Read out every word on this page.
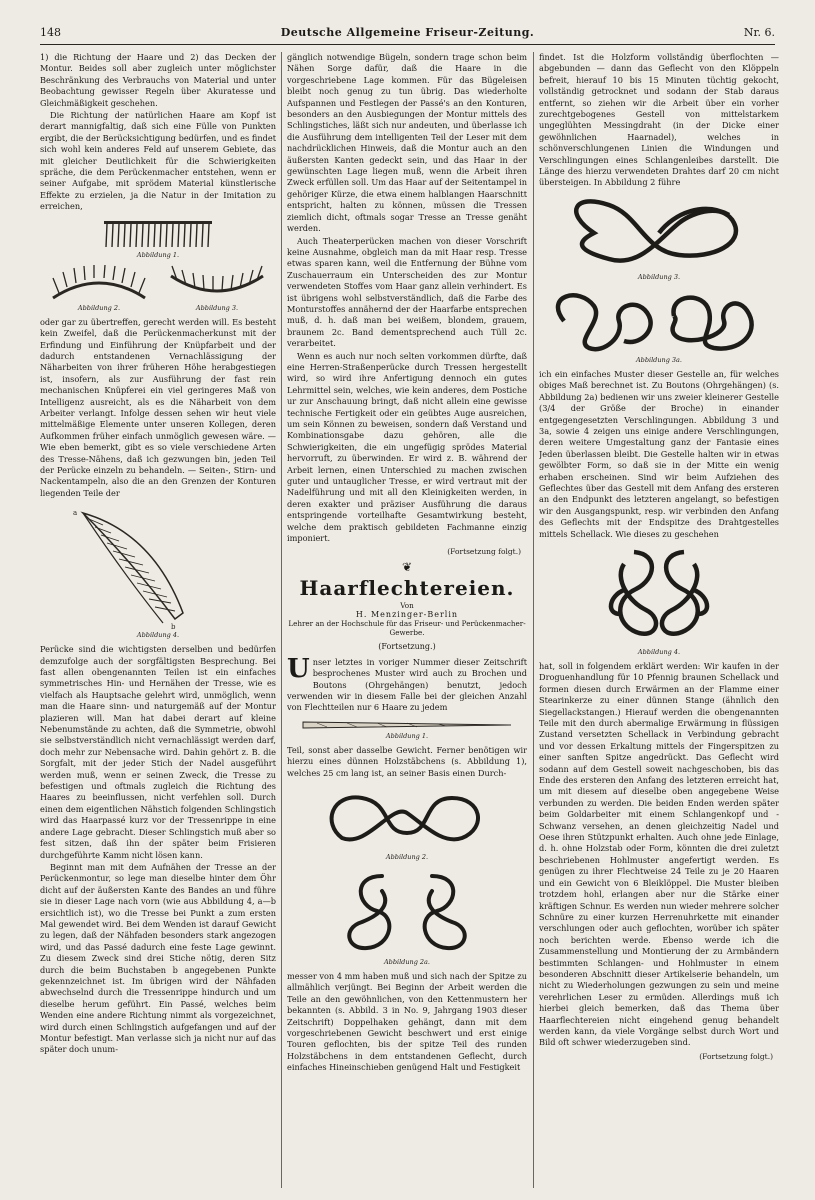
148	Deutsche Allgemeine Friseur-Zeitung.	Nr. 6.

1) die Richtung der Haare und 2) das Decken der Montur. Beides soll aber zugleich unter möglichster Beschränkung des Verbrauchs von Material und unter Beobachtung gewisser Regeln über Akuratesse und Gleichmäßigkeit geschehen.

Die Richtung der natürlichen Haare am Kopf ist derart mannigfaltig, daß sich eine Fülle von Punkten ergibt, die der Berücksichtigung bedürfen, und es findet sich wohl kein anderes Feld auf unserem Gebiete, das mit gleicher Deutlichkeit für die Schwierigkeiten spräche, die dem Perückenmacher entstehen, wenn er seiner Aufgabe, mit sprödem Material künstlerische Effekte zu erzielen, ja die Natur in der Imitation zu erreichen,

Abbildung 1.
Abbildung 2.	Abbildung 3.

oder gar zu übertreffen, gerecht werden will. Es besteht kein Zweifel, daß die Perückenmacherkunst mit der Erfindung und Einführung der Knüpfarbeit und der dadurch entstandenen Vernachlässigung der Näharbeiten von ihrer früheren Höhe herabgestiegen ist, insofern, als zur Ausführung der fast rein mechanischen Knüpferei ein viel geringeres Maß von Intelligenz ausreicht, als es die Näharbeit von dem Arbeiter verlangt. Infolge dessen sehen wir heut viele mittelmäßige Elemente unter unseren Kollegen, deren Aufkommen früher einfach unmöglich gewesen wäre. — Wie eben bemerkt, gibt es so viele verschiedene Arten des Tresse-Nähens, daß ich gezwungen bin, jeden Teil der Perücke einzeln zu behandeln. — Seiten-, Stirn- und Nackentampeln, also die an den Grenzen der Konturen liegenden Teile der

a
b
Abbildung 4.

Perücke sind die wichtigsten derselben und bedürfen demzufolge auch der sorgfältigsten Besprechung. Bei fast allen obengenannten Teilen ist ein einfaches symmetrisches Hin- und Hernähen der Tresse, wie es vielfach als Hauptsache gelehrt wird, unmöglich, wenn man die Haare sinn- und naturgemäß auf der Montur plazieren will. Man hat dabei derart auf kleine Nebenumstände zu achten, daß die Symmetrie, obwohl sie selbstverständlich nicht vernachlässigt werden darf, doch mehr zur Nebensache wird. Dahin gehört z. B. die Sorgfalt, mit der jeder Stich der Nadel ausgeführt werden muß, wenn er seinen Zweck, die Tresse zu befestigen und oftmals zugleich die Richtung des Haares zu beeinflussen, nicht verfehlen soll. Durch einen dem eigentlichen Nähstich folgenden Schlingstich wird das Haarpassé kurz vor der Tressenrippe in eine andere Lage gebracht. Dieser Schlingstich muß aber so fest sitzen, daß ihn der später beim Frisieren durchgeführte Kamm nicht lösen kann.

Beginnt man mit dem Aufnähen der Tresse an der Perückenmontur, so lege man dieselbe hinter dem Öhr dicht auf der äußersten Kante des Bandes an und führe sie in dieser Lage nach vorn (wie aus Abbildung 4, a—b ersichtlich ist), wo die Tresse bei Punkt a zum ersten Mal gewendet wird. Bei dem Wenden ist darauf Gewicht zu legen, daß der Nähfaden besonders stark angezogen wird, und das Passé dadurch eine feste Lage gewinnt. Zu diesem Zweck sind drei Stiche nötig, deren Sitz durch die beim Buchstaben b angegebenen Punkte gekennzeichnet ist. Im übrigen wird der Nähfaden abwechselnd durch die Tressenrippe hindurch und um dieselbe herum geführt. Ein Passé, welches beim Wenden eine andere Richtung nimmt als vorgezeichnet, wird durch einen Schlingstich aufgefangen und auf der Montur befestigt. Man verlasse sich ja nicht nur auf das später doch unum-

gänglich notwendige Bügeln, sondern trage schon beim Nähen Sorge dafür, daß die Haare in die vorgeschriebene Lage kommen. Für das Bügeleisen bleibt noch genug zu tun übrig. Das wiederholte Aufspannen und Festlegen der Passé's an den Konturen, besonders an den Ausbiegungen der Montur mittels des Schlingstiches, läßt sich nur andeuten, und überlasse ich die Ausführung dem intelligenten Teil der Leser mit dem nachdrücklichen Hinweis, daß die Montur auch an den äußersten Kanten gedeckt sein, und das Haar in der gewünschten Lage liegen muß, wenn die Arbeit ihren Zweck erfüllen soll. Um das Haar auf der Seitentampel in gehöriger Kürze, die etwa einem halblangen Haarschnitt entspricht, halten zu können, müssen die Tressen ziemlich dicht, oftmals sogar Tresse an Tresse genäht werden.

Auch Theaterperücken machen von dieser Vorschrift keine Ausnahme, obgleich man da mit Haar resp. Tresse etwas sparen kann, weil die Entfernung der Bühne vom Zuschauerraum ein Unterscheiden des zur Montur verwendeten Stoffes vom Haar ganz allein verhindert. Es ist übrigens wohl selbstverständlich, daß die Farbe des Monturstoffes annähernd der der Haarfarbe entsprechen muß, d. h. daß man bei weißem, blondem, grauem, braunem 2c. Band dementsprechend auch Tüll 2c. verarbeitet.

Wenn es auch nur noch selten vorkommen dürfte, daß eine Herren-Straßenperücke durch Tressen hergestellt wird, so wird ihre Anfertigung dennoch ein gutes Lehrmittel sein, welches, wie kein anderes, dem Postiche ur zur Anschauung bringt, daß nicht allein eine gewisse technische Fertigkeit oder ein geübtes Auge ausreichen, um sein Können zu beweisen, sondern daß Verstand und Kombinationsgabe dazu gehören, alle die Schwierigkeiten, die ein ungefügig sprödes Material hervorruft, zu überwinden. Er wird z. B. während der Arbeit lernen, einen Unterschied zu machen zwischen guter und untauglicher Tresse, er wird vertraut mit der Nadelführung und mit all den Kleinigkeiten werden, in deren exakter und präziser Ausführung die daraus entspringende vorteilhafte Gesamtwirkung besteht, welche dem praktisch gebildeten Fachmanne einzig imponiert.

(Fortsetzung folgt.)
❦
Haarflechtereien.
Von
H. Menzinger-Berlin
Lehrer an der Hochschule für das Friseur- und Perückenmacher-Gewerbe.
(Fortsetzung.)

U nser letztes in voriger Nummer dieser Zeitschrift besprochenes Muster wird auch zu Brochen und Boutons (Ohrgehängen) benutzt, jedoch verwenden wir in diesem Falle bei der gleichen Anzahl von Flechtteilen nur 6 Haare zu jedem

Abbildung 1.

Teil, sonst aber dasselbe Gewicht. Ferner benötigen wir hierzu eines dünnen Holzstäbchens (s. Abbildung 1), welches 25 cm lang ist, an seiner Basis einen Durch-

Abbildung 2.
Abbildung 2a.

messer von 4 mm haben muß und sich nach der Spitze zu allmählich verjüngt. Bei Beginn der Arbeit werden die Teile an den gewöhnlichen, von den Kettenmustern her bekannten (s. Abbild. 3 in No. 9, Jahrgang 1903 dieser Zeitschrift) Doppelhaken gehängt, dann mit dem vorgeschriebenen Gewicht beschwert und erst einige Touren geflochten, bis der spitze Teil des runden Holzstäbchens in dem entstandenen Geflecht, durch einfaches Hineinschieben genügend Halt und Festigkeit

findet. Ist die Holzform vollständig überflochten — abgebunden — dann das Geflecht von den Klöppeln befreit, hierauf 10 bis 15 Minuten tüchtig gekocht, vollständig getrocknet und sodann der Stab daraus entfernt, so ziehen wir die Arbeit über ein vorher zurechtgebogenes Gestell von mittelstarkem ungeglühten Messingdraht (in der Dicke einer gewöhnlichen Haarnadel), welches in schönverschlungenen Linien die Windungen und Verschlingungen eines Schlangenleibes darstellt. Die Länge des hierzu verwendeten Drahtes darf 20 cm nicht übersteigen. In Abbildung 2 führe

Abbildung 3.
Abbildung 3a.

ich ein einfaches Muster dieser Gestelle an, für welches obiges Maß berechnet ist. Zu Boutons (Ohrgehängen) (s. Abbildung 2a) bedienen wir uns zweier kleinerer Gestelle (3/4 der Größe der Broche) in einander entgegengesetzten Verschlingungen. Abbildung 3 und 3a, sowie 4 zeigen uns einige andere Verschlingungen, deren weitere Umgestaltung ganz der Fantasie eines Jeden überlassen bleibt. Die Gestelle halten wir in etwas gewölbter Form, so daß sie in der Mitte ein wenig erhaben erscheinen. Sind wir beim Aufziehen des Geflechtes über das Gestell mit dem Anfang des ersteren an den Endpunkt des letzteren angelangt, so befestigen wir den Ausgangspunkt, resp. wir verbinden den Anfang des Geflechts mit der Endspitze des Drahtgestelles mittels Schellack. Wie dieses zu geschehen

Abbildung 4.

hat, soll in folgendem erklärt werden: Wir kaufen in der Droguenhandlung für 10 Pfennig braunen Schellack und formen diesen durch Erwärmen an der Flamme einer Stearinkerze zu einer dünnen Stange (ähnlich den Siegellackstangen.) Hierauf werden die obengenannten Teile mit den durch abermalige Erwärmung in flüssigen Zustand versetzten Schellack in Verbindung gebracht und vor dessen Erkaltung mittels der Fingerspitzen zu einer sanften Spitze angedrückt. Das Geflecht wird sodann auf dem Gestell soweit nachgeschoben, bis das Ende des ersteren den Anfang des letzteren erreicht hat, um mit diesem auf dieselbe oben angegebene Weise verbunden zu werden. Die beiden Enden werden später beim Goldarbeiter mit einem Schlangenkopf und -Schwanz versehen, an denen gleichzeitig Nadel und Oese ihren Stützpunkt erhalten. Auch ohne jede Einlage, d. h. ohne Holzstab oder Form, könnten die drei zuletzt beschriebenen Hohlmuster angefertigt werden. Es genügen zu ihrer Flechtweise 24 Teile zu je 20 Haaren und ein Gewicht von 6 Bleiklöppel. Die Muster bleiben trotzdem hohl, erlangen aber nur die Stärke einer kräftigen Schnur. Es werden nun wieder mehrere solcher Schnüre zu einer kurzen Herrenuhrkette mit einander verschlungen oder auch geflochten, worüber ich später noch berichten werde. Ebenso werde ich die Zusammenstellung und Montierung der zu Armbändern bestimmten Schlangen- und Hohlmuster in einem besonderen Abschnitt dieser Artikelserie behandeln, um nicht zu Wiederholungen gezwungen zu sein und meine verehrlichen Leser zu ermüden. Allerdings muß ich hierbei gleich bemerken, daß das Thema über Haarflechtereien nicht eingehend genug behandelt werden kann, da viele Vorgänge selbst durch Wort und Bild oft schwer wiederzugeben sind.

(Fortsetzung folgt.)
